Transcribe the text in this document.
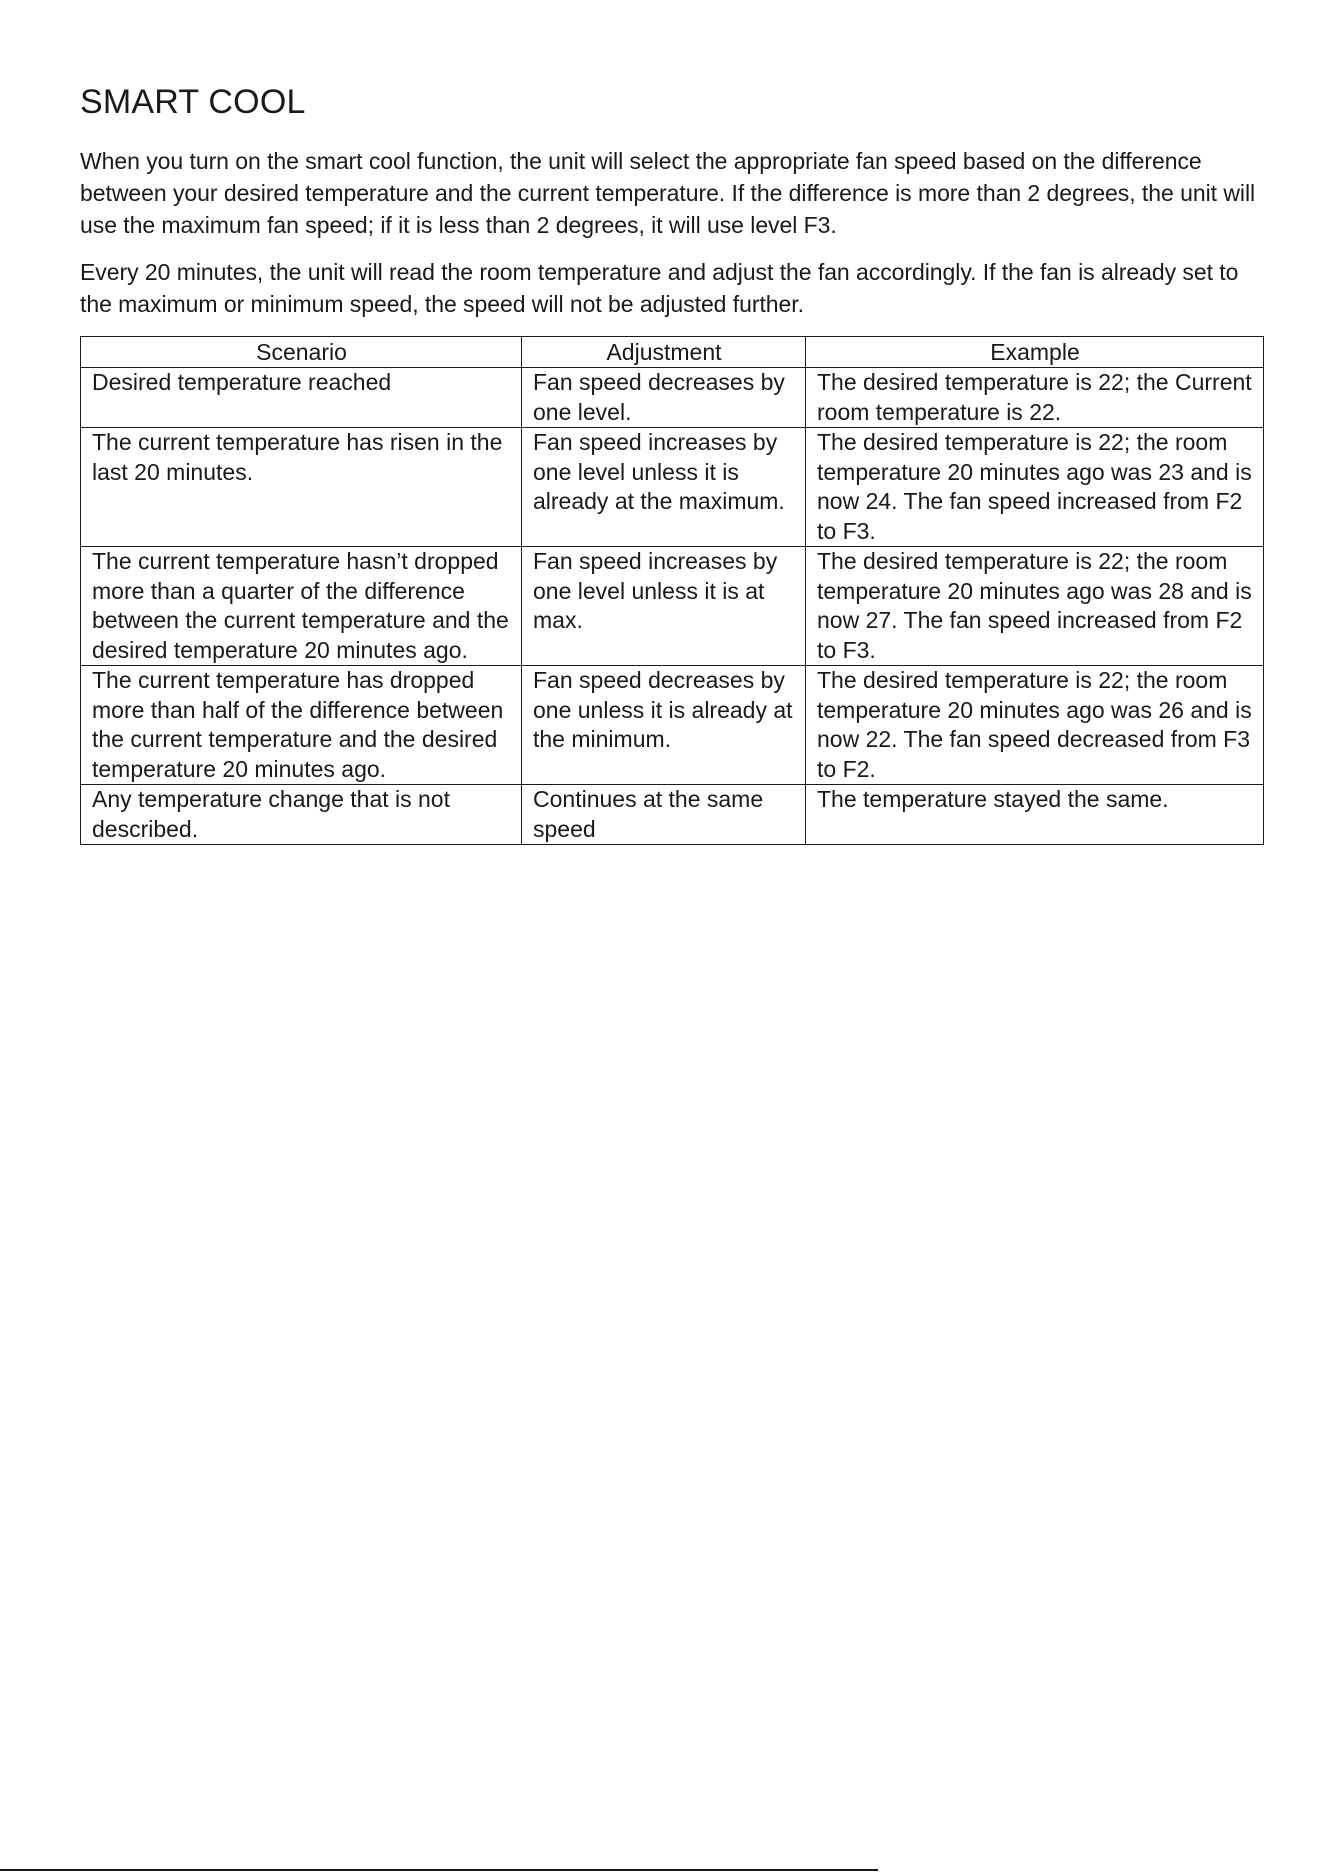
SMART COOL

When you turn on the smart cool function, the unit will select the appropriate fan speed based on the difference between your desired temperature and the current temperature. If the difference is more than 2 degrees, the unit will use the maximum fan speed; if it is less than 2 degrees, it will use level F3.

Every 20 minutes, the unit will read the room temperature and adjust the fan accordingly. If the fan is already set to the maximum or minimum speed, the speed will not be adjusted further.

Scenario	Adjustment	Example
Desired temperature reached	Fan speed decreases by one level.	The desired temperature is 22; the Current room temperature is 22.
The current temperature has risen in the last 20 minutes.	Fan speed increases by one level unless it is already at the maximum.	The desired temperature is 22; the room temperature 20 minutes ago was 23 and is now 24. The fan speed increased from F2 to F3.
The current temperature hasn’t dropped more than a quarter of the difference between the current temperature and the desired temperature 20 minutes ago.	Fan speed increases by one level unless it is at max.	The desired temperature is 22; the room temperature 20 minutes ago was 28 and is now 27. The fan speed increased from F2 to F3.
The current temperature has dropped more than half of the difference between the current temperature and the desired temperature 20 minutes ago.	Fan speed decreases by one unless it is already at the minimum.	The desired temperature is 22; the room temperature 20 minutes ago was 26 and is now 22. The fan speed decreased from F3 to F2.
Any temperature change that is not described.	Continues at the same speed	The temperature stayed the same.
